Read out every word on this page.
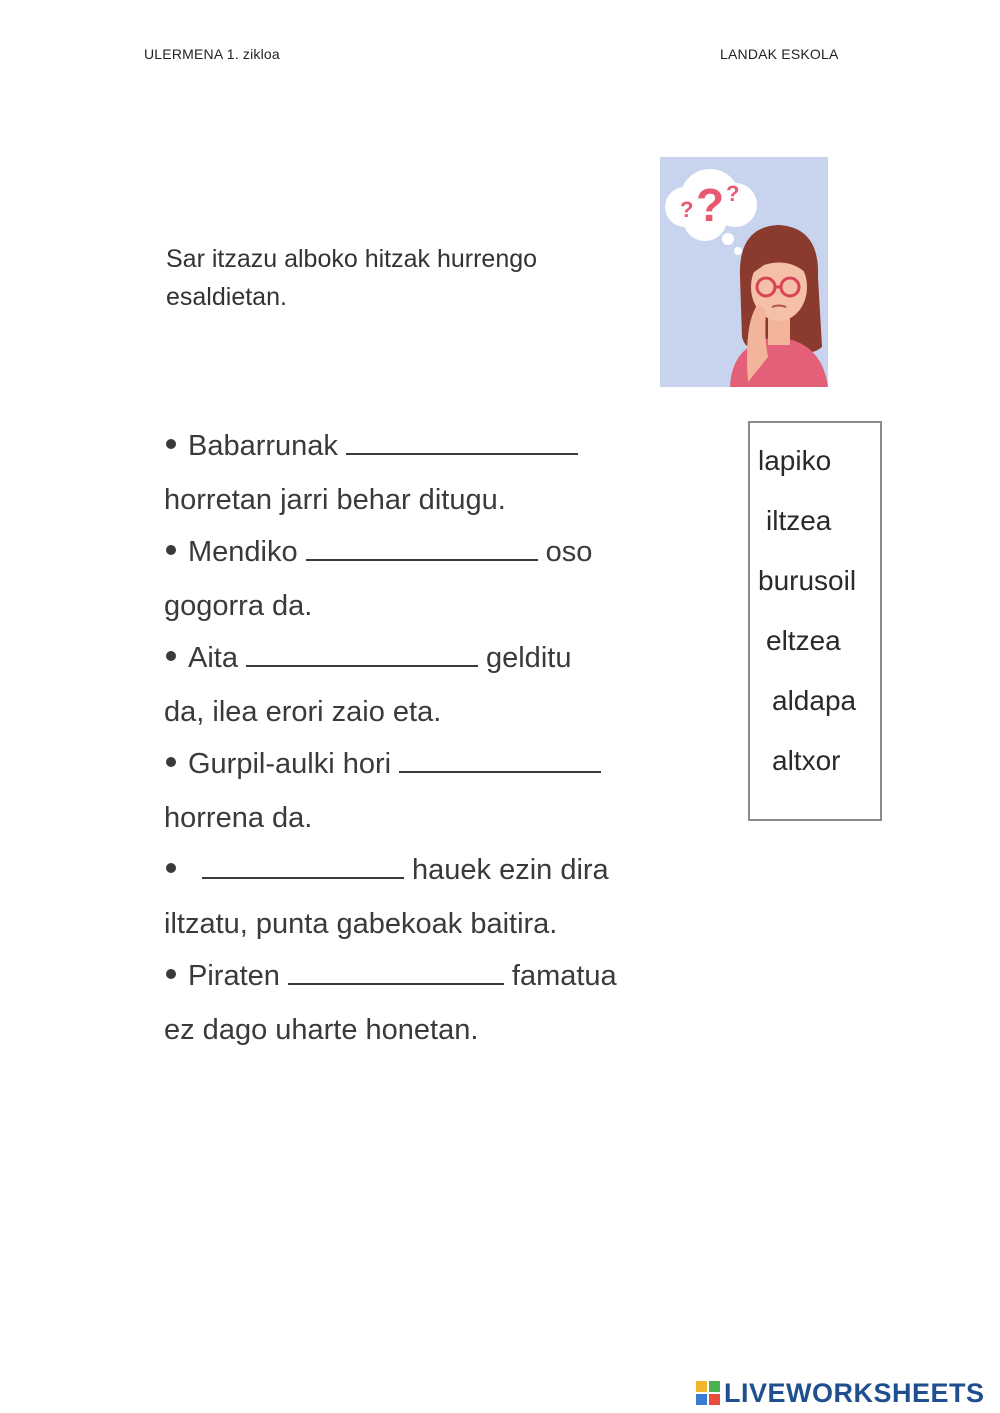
ULERMENA 1. zikloa	LANDAK ESKOLA
Sar itzazu alboko hitzak hurrengo esaldietan.
? ? ?
Babarrunak
horretan jarri behar ditugu.
Mendiko	oso
gogorra da.
Aita	gelditu
da, ilea erori zaio eta.
Gurpil-aulki hori
horrena da.
hauek ezin dira
iltzatu, punta gabekoak baitira.
Piraten	famatua
ez dago uharte honetan.
lapiko
iltzea
burusoil
eltzea
aldapa
altxor
LIVEWORKSHEETS
